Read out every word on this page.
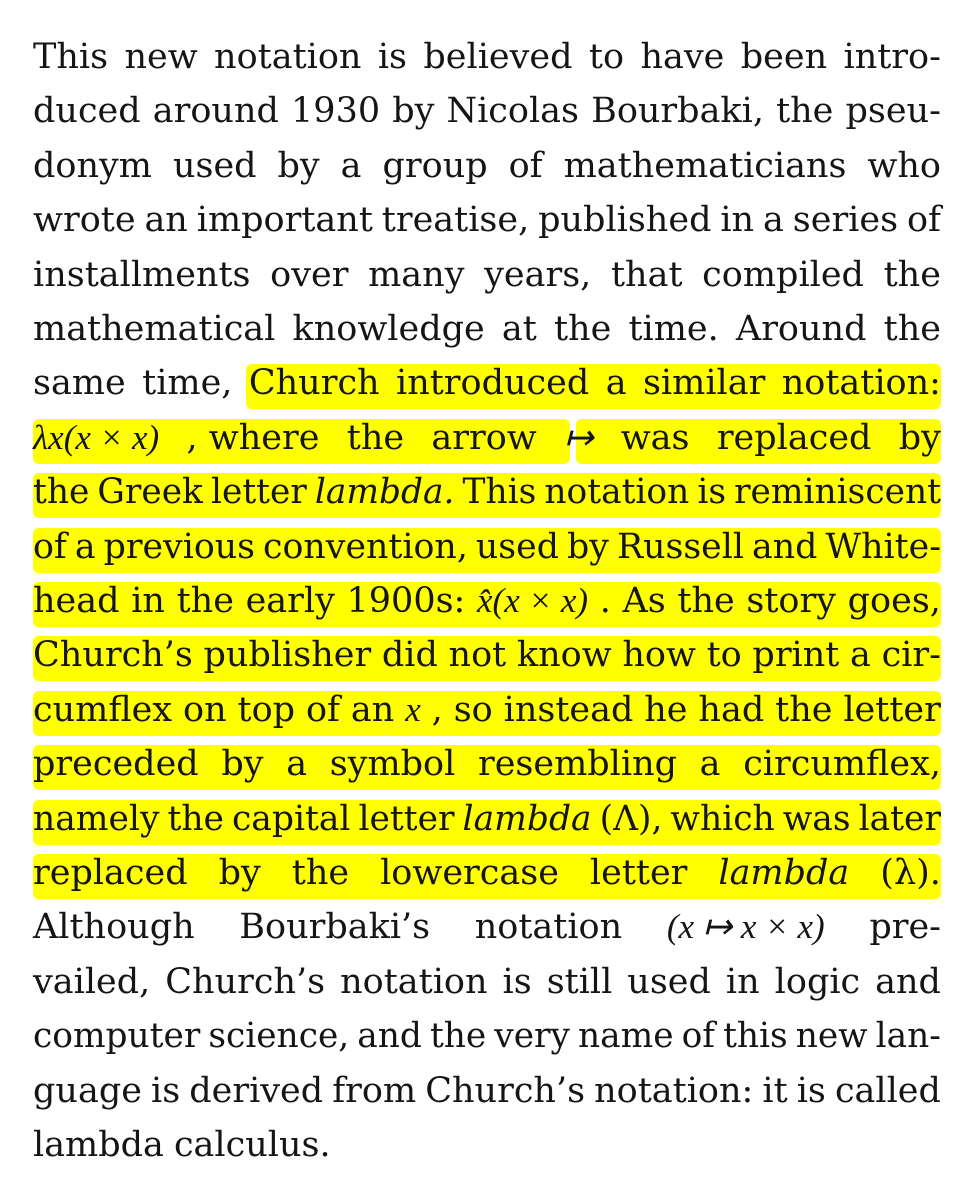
This new notation is believed to have been intro-
duced around 1930 by Nicolas Bourbaki, the pseu-
donym used by a group of mathematicians who
wrote an important treatise, published in a series of
installments over many years, that compiled the
mathematical knowledge at the time. Around the
same time, Church introduced a similar notation:
λx(x × x) , where the arrow ↦ was replaced by
the Greek letter lambda. This notation is reminiscent
of a previous convention, used by Russell and White-
head in the early 1900s: x̂(x × x) . As the story goes,
Church’s publisher did not know how to print a cir-
cumflex on top of an x , so instead he had the letter
preceded by a symbol resembling a circumflex,
namely the capital letter lambda (Λ), which was later
replaced by the lowercase letter lambda (λ).
Although Bourbaki’s notation (x ↦ x × x) pre-
vailed, Church’s notation is still used in logic and
computer science, and the very name of this new lan-
guage is derived from Church’s notation: it is called
lambda calculus.
